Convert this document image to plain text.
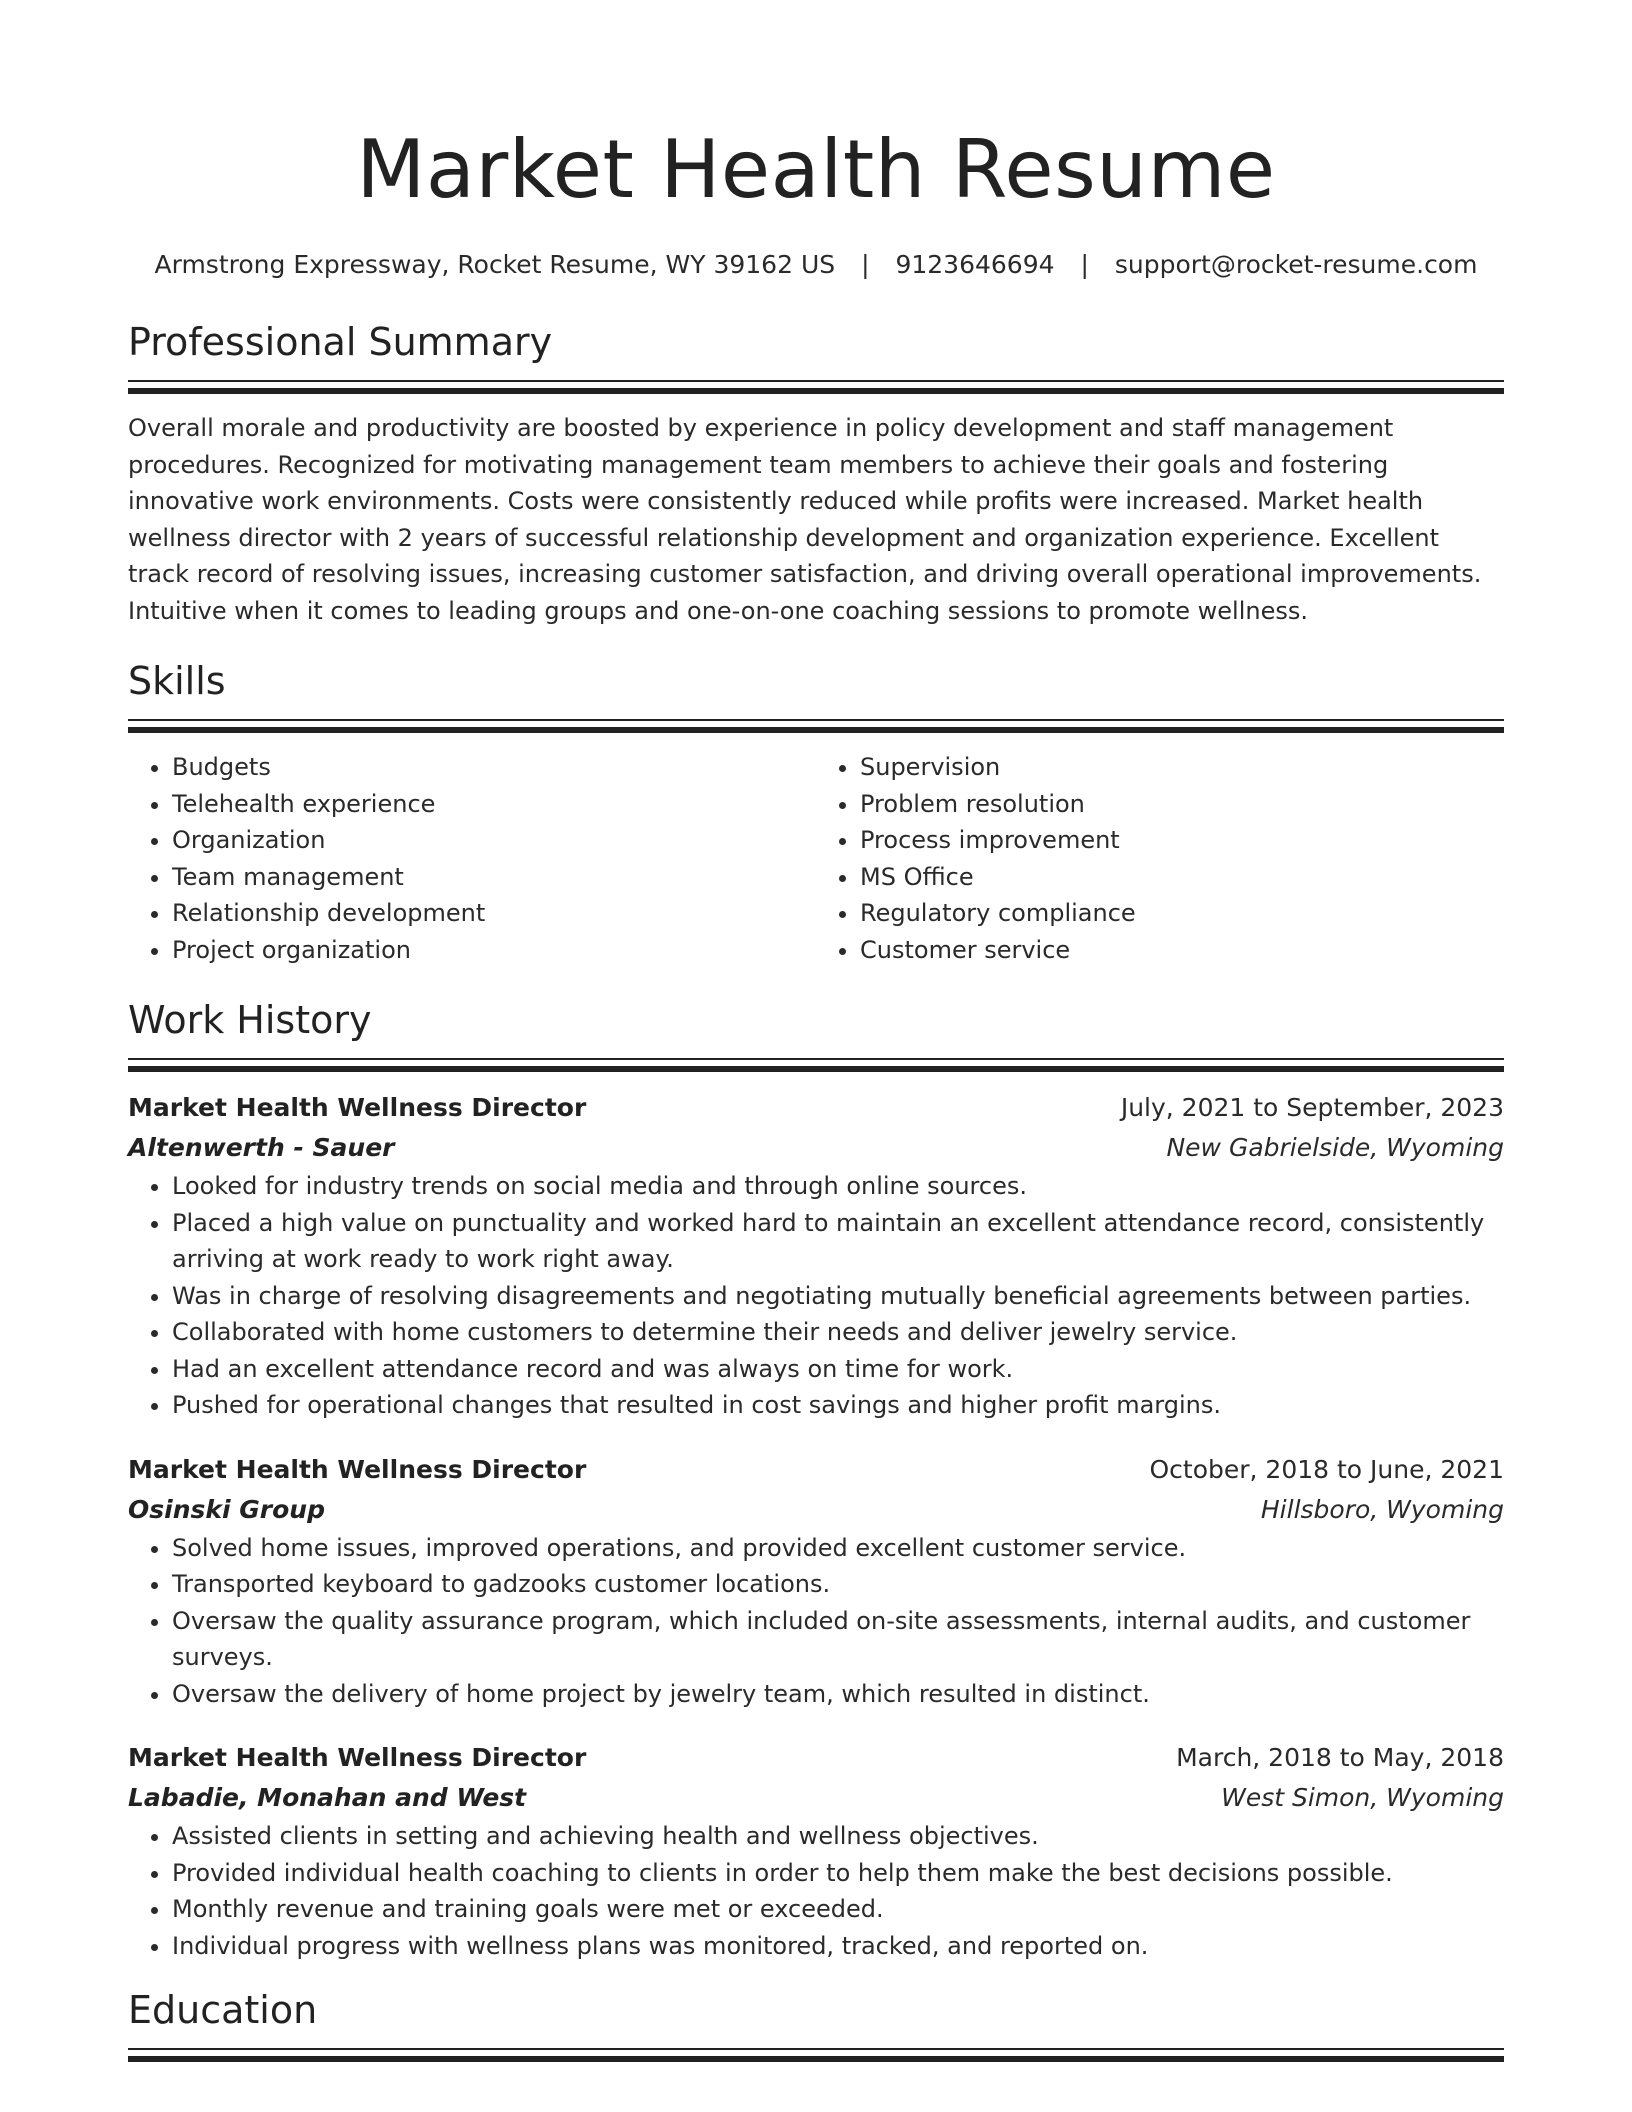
Market Health Resume
Armstrong Expressway, Rocket Resume, WY 39162 US | 9123646694 | support@rocket-resume.com
Professional Summary
Overall morale and productivity are boosted by experience in policy development and staff management procedures. Recognized for motivating management team members to achieve their goals and fostering innovative work environments. Costs were consistently reduced while profits were increased. Market health wellness director with 2 years of successful relationship development and organization experience. Excellent track record of resolving issues, increasing customer satisfaction, and driving overall operational improvements. Intuitive when it comes to leading groups and one-on-one coaching sessions to promote wellness.
Skills
• Budgets
• Telehealth experience
• Organization
• Team management
• Relationship development
• Project organization
• Supervision
• Problem resolution
• Process improvement
• MS Office
• Regulatory compliance
• Customer service
Work History
Market Health Wellness Director	July, 2021 to September, 2023
Altenwerth - Sauer	New Gabrielside, Wyoming
• Looked for industry trends on social media and through online sources.
• Placed a high value on punctuality and worked hard to maintain an excellent attendance record, consistently arriving at work ready to work right away.
• Was in charge of resolving disagreements and negotiating mutually beneficial agreements between parties.
• Collaborated with home customers to determine their needs and deliver jewelry service.
• Had an excellent attendance record and was always on time for work.
• Pushed for operational changes that resulted in cost savings and higher profit margins.
Market Health Wellness Director	October, 2018 to June, 2021
Osinski Group	Hillsboro, Wyoming
• Solved home issues, improved operations, and provided excellent customer service.
• Transported keyboard to gadzooks customer locations.
• Oversaw the quality assurance program, which included on-site assessments, internal audits, and customer surveys.
• Oversaw the delivery of home project by jewelry team, which resulted in distinct.
Market Health Wellness Director	March, 2018 to May, 2018
Labadie, Monahan and West	West Simon, Wyoming
• Assisted clients in setting and achieving health and wellness objectives.
• Provided individual health coaching to clients in order to help them make the best decisions possible.
• Monthly revenue and training goals were met or exceeded.
• Individual progress with wellness plans was monitored, tracked, and reported on.
Education
